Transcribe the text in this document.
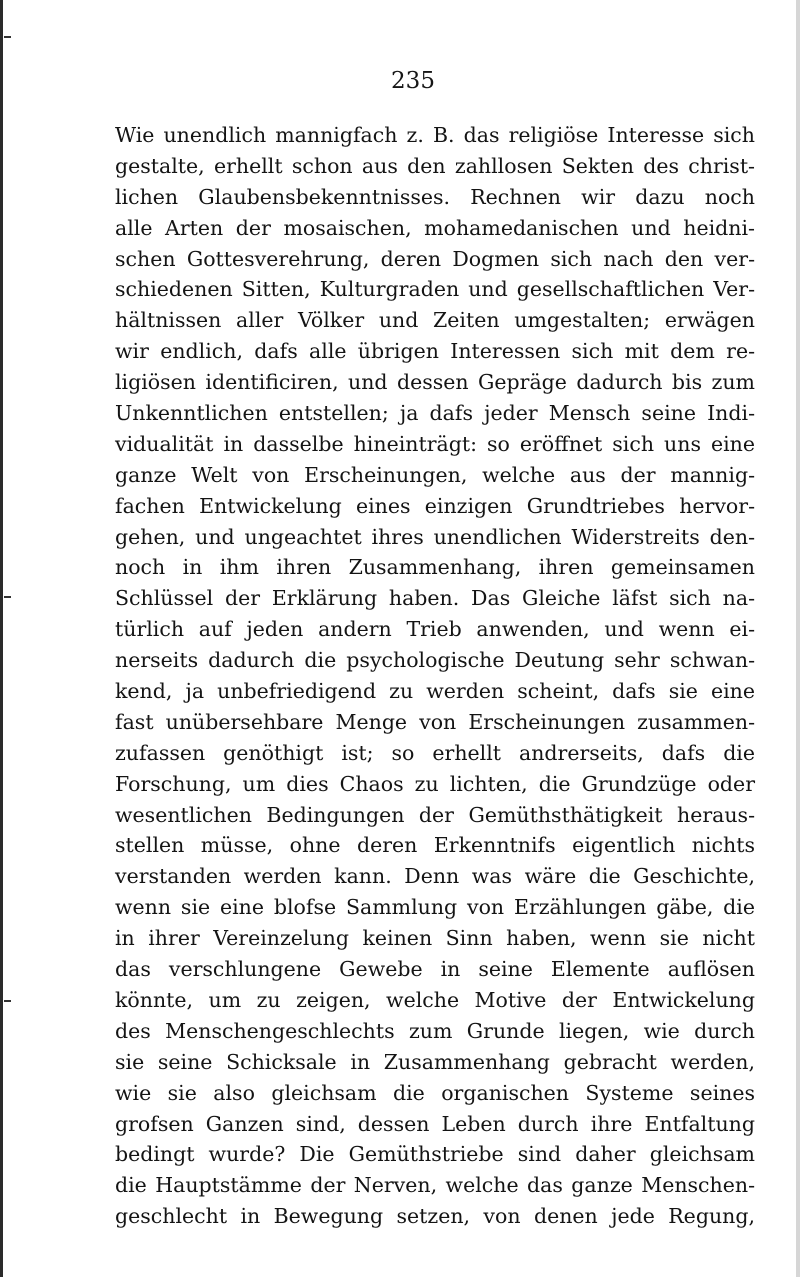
235
Wie unendlich mannigfach z. B. das religiöse Interesse sich
gestalte, erhellt schon aus den zahllosen Sekten des christ-
lichen Glaubensbekenntnisses. Rechnen wir dazu noch
alle Arten der mosaischen, mohamedanischen und heidni-
schen Gottesverehrung, deren Dogmen sich nach den ver-
schiedenen Sitten, Kulturgraden und gesellschaftlichen Ver-
hältnissen aller Völker und Zeiten umgestalten; erwägen
wir endlich, dafs alle übrigen Interessen sich mit dem re-
ligiösen identificiren, und dessen Gepräge dadurch bis zum
Unkenntlichen entstellen; ja dafs jeder Mensch seine Indi-
vidualität in dasselbe hineinträgt: so eröffnet sich uns eine
ganze Welt von Erscheinungen, welche aus der mannig-
fachen Entwickelung eines einzigen Grundtriebes hervor-
gehen, und ungeachtet ihres unendlichen Widerstreits den-
noch in ihm ihren Zusammenhang, ihren gemeinsamen
Schlüssel der Erklärung haben. Das Gleiche läfst sich na-
türlich auf jeden andern Trieb anwenden, und wenn ei-
nerseits dadurch die psychologische Deutung sehr schwan-
kend, ja unbefriedigend zu werden scheint, dafs sie eine
fast unübersehbare Menge von Erscheinungen zusammen-
zufassen genöthigt ist; so erhellt andrerseits, dafs die
Forschung, um dies Chaos zu lichten, die Grundzüge oder
wesentlichen Bedingungen der Gemüthsthätigkeit heraus-
stellen müsse, ohne deren Erkenntnifs eigentlich nichts
verstanden werden kann. Denn was wäre die Geschichte,
wenn sie eine blofse Sammlung von Erzählungen gäbe, die
in ihrer Vereinzelung keinen Sinn haben, wenn sie nicht
das verschlungene Gewebe in seine Elemente auflösen
könnte, um zu zeigen, welche Motive der Entwickelung
des Menschengeschlechts zum Grunde liegen, wie durch
sie seine Schicksale in Zusammenhang gebracht werden,
wie sie also gleichsam die organischen Systeme seines
grofsen Ganzen sind, dessen Leben durch ihre Entfaltung
bedingt wurde? Die Gemüthstriebe sind daher gleichsam
die Hauptstämme der Nerven, welche das ganze Menschen-
geschlecht in Bewegung setzen, von denen jede Regung,
